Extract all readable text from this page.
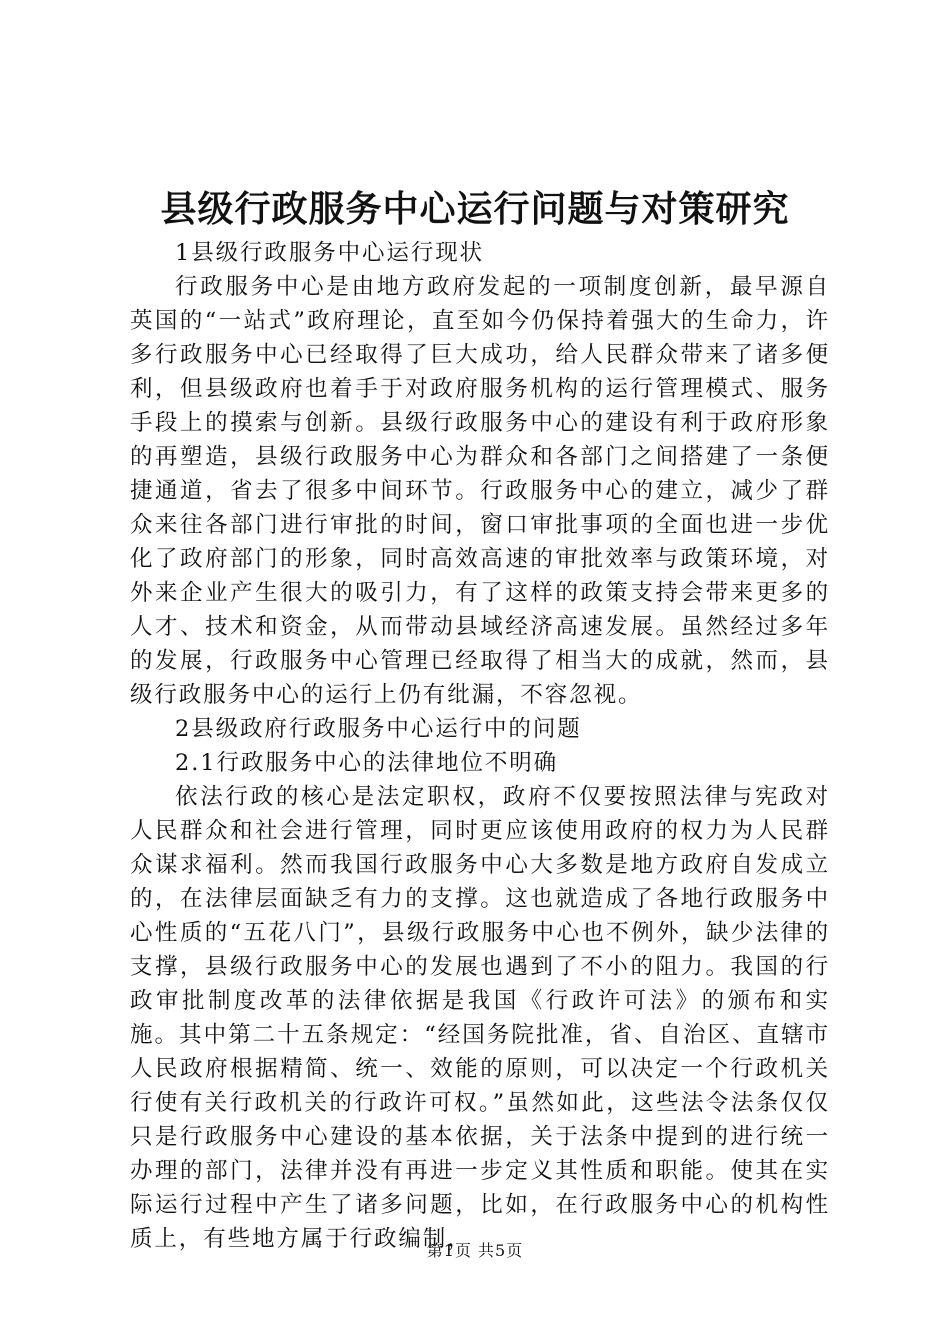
县级行政服务中心运行问题与对策研究

1县级行政服务中心运行现状

行政服务中心是由地方政府发起的一项制度创新，最早源自英国的“一站式”政府理论，直至如今仍保持着强大的生命力，许多行政服务中心已经取得了巨大成功，给人民群众带来了诸多便利，但县级政府也着手于对政府服务机构的运行管理模式、服务手段上的摸索与创新。县级行政服务中心的建设有利于政府形象的再塑造，县级行政服务中心为群众和各部门之间搭建了一条便捷通道，省去了很多中间环节。行政服务中心的建立，减少了群众来往各部门进行审批的时间，窗口审批事项的全面也进一步优化了政府部门的形象，同时高效高速的审批效率与政策环境，对外来企业产生很大的吸引力，有了这样的政策支持会带来更多的人才、技术和资金，从而带动县域经济高速发展。虽然经过多年的发展，行政服务中心管理已经取得了相当大的成就，然而，县级行政服务中心的运行上仍有纰漏，不容忽视。

2县级政府行政服务中心运行中的问题

2.1行政服务中心的法律地位不明确

依法行政的核心是法定职权，政府不仅要按照法律与宪政对人民群众和社会进行管理，同时更应该使用政府的权力为人民群众谋求福利。然而我国行政服务中心大多数是地方政府自发成立的，在法律层面缺乏有力的支撑。这也就造成了各地行政服务中心性质的“五花八门”，县级行政服务中心也不例外，缺少法律的支撑，县级行政服务中心的发展也遇到了不小的阻力。我国的行政审批制度改革的法律依据是我国《行政许可法》的颁布和实施。其中第二十五条规定：“经国务院批准，省、自治区、直辖市人民政府根据精简、统一、效能的原则，可以决定一个行政机关行使有关行政机关的行政许可权。”虽然如此，这些法令法条仅仅只是行政服务中心建设的基本依据，关于法条中提到的进行统一办理的部门，法律并没有再进一步定义其性质和职能。使其在实际运行过程中产生了诸多问题，比如，在行政服务中心的机构性质上，有些地方属于行政编制，

第1页 共5页
